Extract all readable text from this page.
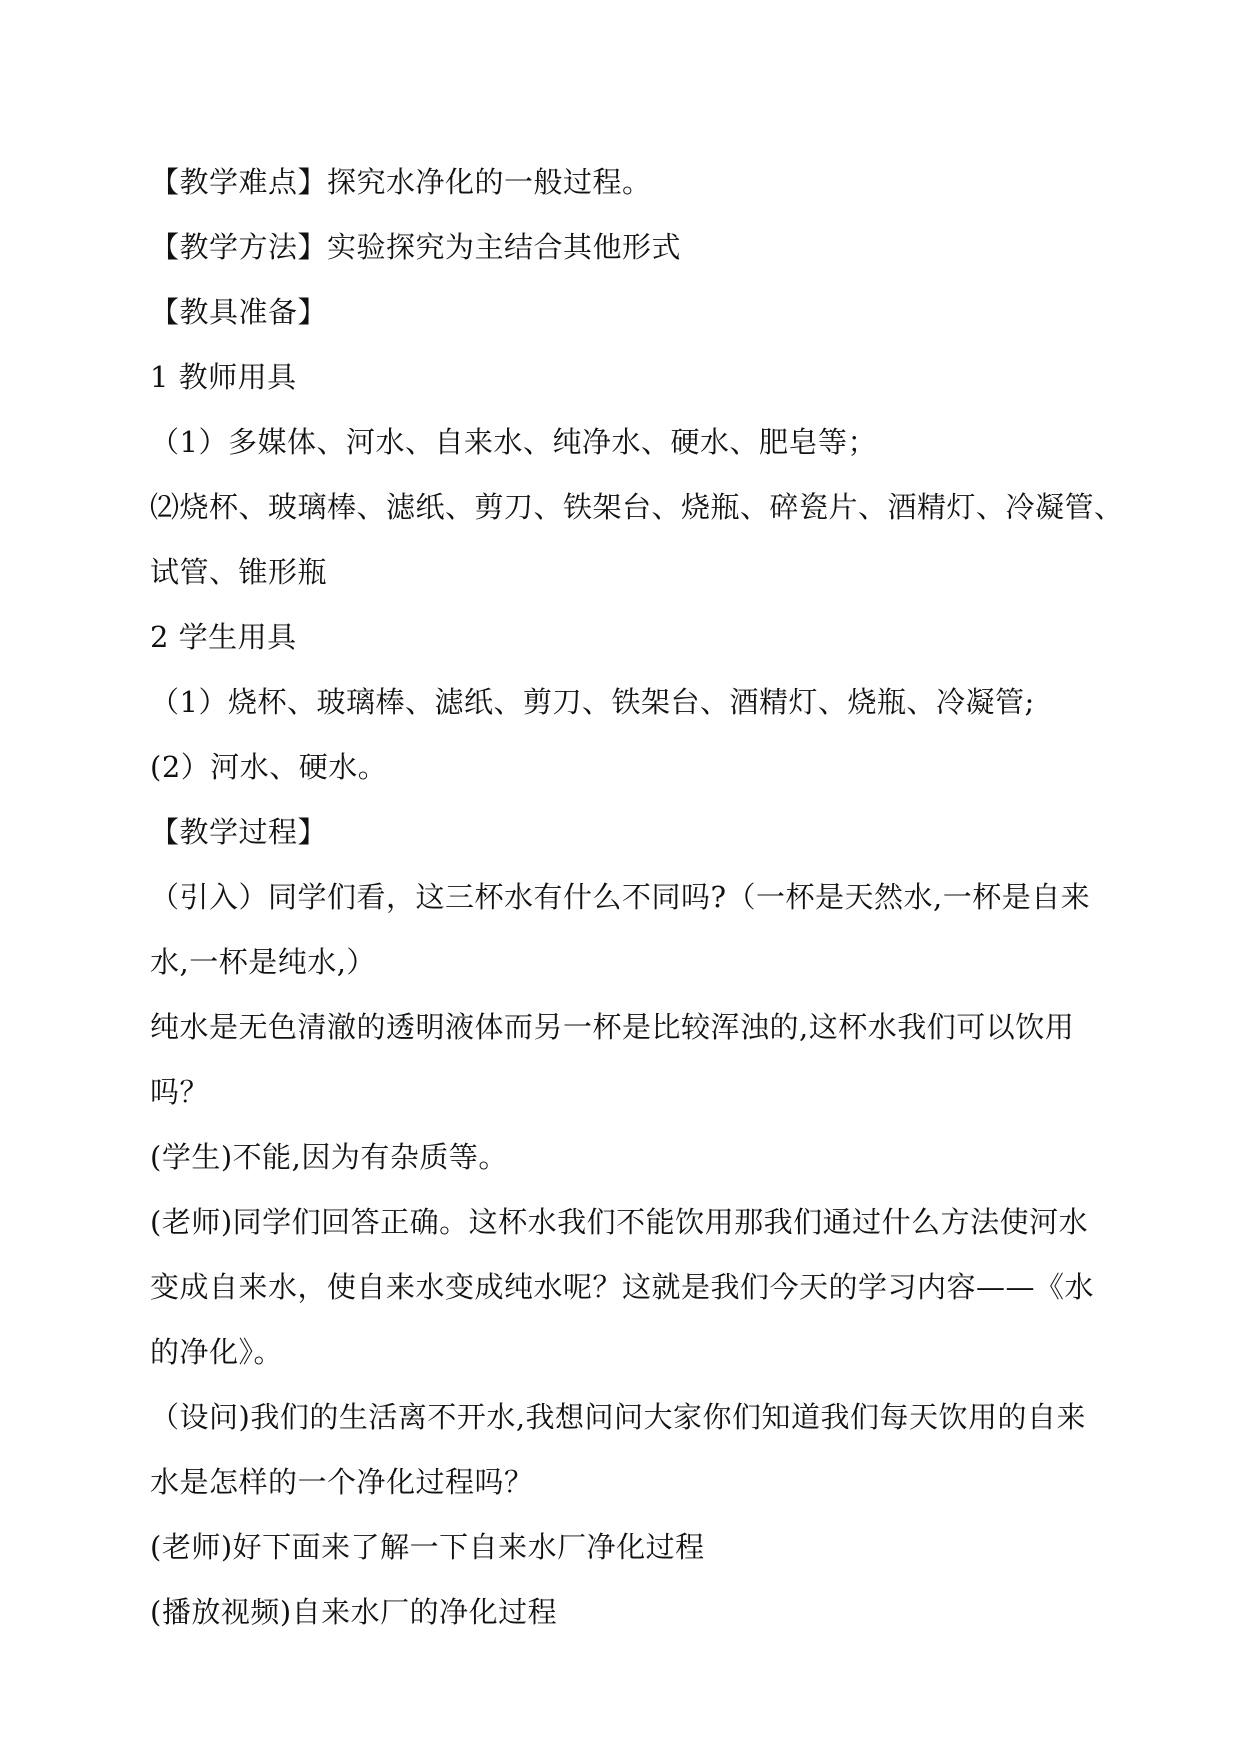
【教学难点】探究水净化的一般过程。
【教学方法】实验探究为主结合其他形式
【教具准备】
1 教师用具
（1）多媒体、河水、自来水、纯净水、硬水、肥皂等；
⑵烧杯、玻璃棒、滤纸、剪刀、铁架台、烧瓶、碎瓷片、酒精灯、冷凝管、
试管、锥形瓶
2 学生用具
（1）烧杯、玻璃棒、滤纸、剪刀、铁架台、酒精灯、烧瓶、冷凝管;
(2）河水、硬水。
【教学过程】
（引入）同学们看，这三杯水有什么不同吗?（一杯是天然水,一杯是自来
水,一杯是纯水,）
纯水是无色清澈的透明液体而另一杯是比较浑浊的,这杯水我们可以饮用
吗？
(学生)不能,因为有杂质等。
(老师)同学们回答正确。这杯水我们不能饮用那我们通过什么方法使河水
变成自来水，使自来水变成纯水呢？这就是我们今天的学习内容——《水
的净化》。
（设问)我们的生活离不开水,我想问问大家你们知道我们每天饮用的自来
水是怎样的一个净化过程吗？
(老师)好下面来了解一下自来水厂净化过程
(播放视频)自来水厂的净化过程
